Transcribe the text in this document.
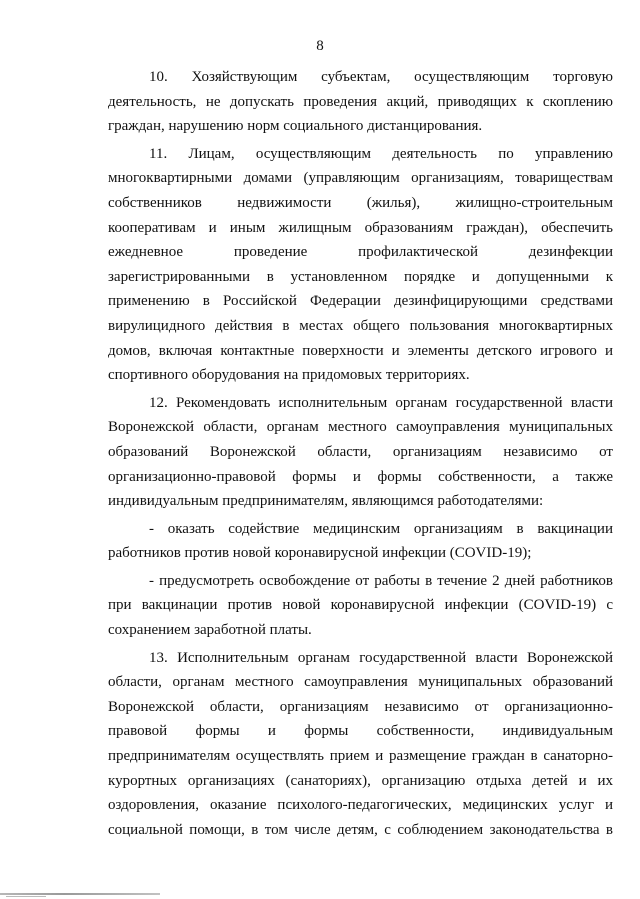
8

10. Хозяйствующим субъектам, осуществляющим торговую

деятельность, не допускать проведения акций, приводящих к скоплению

граждан, нарушению норм социального дистанцирования.

11. Лицам, осуществляющим деятельность по управлению

многоквартирными домами (управляющим организациям, товариществам

собственников недвижимости (жилья), жилищно-строительным

кооперативам и иным жилищным образованиям граждан), обеспечить

ежедневное проведение профилактической дезинфекции

зарегистрированными в установленном порядке и допущенными к

применению в Российской Федерации дезинфицирующими средствами

вирулицидного действия в местах общего пользования многоквартирных

домов, включая контактные поверхности и элементы детского игрового и

спортивного оборудования на придомовых территориях.

12. Рекомендовать исполнительным органам государственной власти

Воронежской области, органам местного самоуправления муниципальных

образований Воронежской области, организациям независимо от

организационно-правовой формы и формы собственности, а также

индивидуальным предпринимателям, являющимся работодателями:

- оказать содействие медицинским организациям в вакцинации

работников против новой коронавирусной инфекции (COVID-19);

- предусмотреть освобождение от работы в течение 2 дней работников

при вакцинации против новой коронавирусной инфекции (COVID-19) с

сохранением заработной платы.

13. Исполнительным органам государственной власти Воронежской

области, органам местного самоуправления муниципальных образований

Воронежской области, организациям независимо от организационно-

правовой формы и формы собственности, индивидуальным

предпринимателям осуществлять прием и размещение граждан в санаторно-

курортных организациях (санаториях), организацию отдыха детей и их

оздоровления, оказание психолого-педагогических, медицинских услуг и

социальной помощи, в том числе детям, с соблюдением законодательства в
